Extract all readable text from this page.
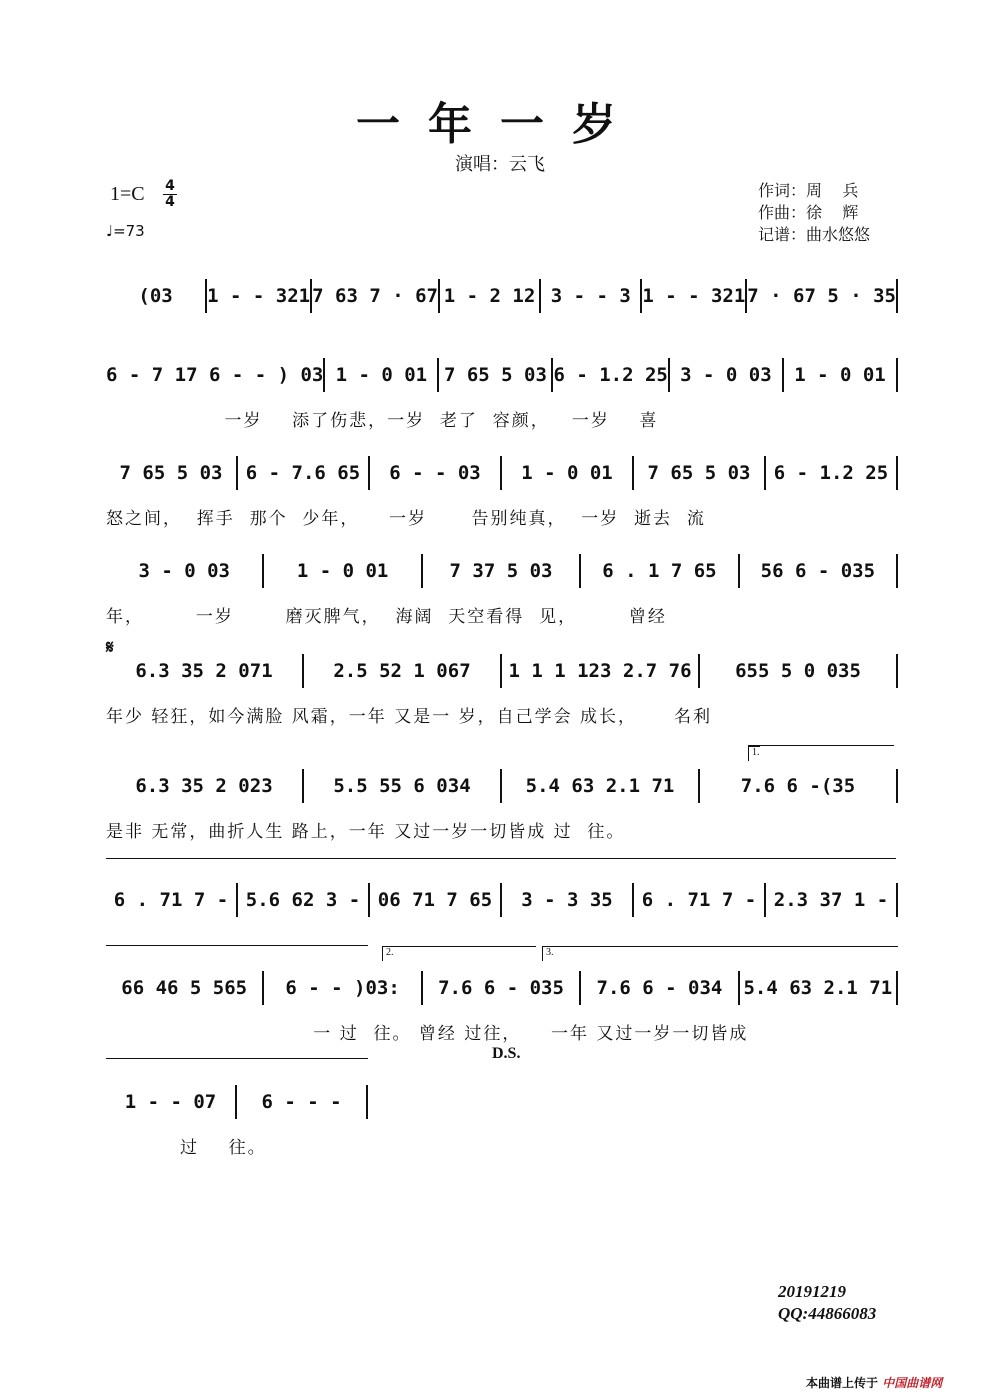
一年一岁
演唱：云飞
1=C 4
4
♩=73
作词：周    兵
作曲：徐    辉
记谱：曲水悠悠
𝄋
(03	1 - - 321 7 63 7 · 67 1 - 2 12 3 - - 3 1 - - 321 7 · 67 5 · 35
6 - 7 17 6 - - ) 03 1 - 0 01 7 65 5 03 6 - 1.2 25 3 - 0 03	1 - 0 01
一岁    添了伤悲，一岁  老了  容颜，   一岁    喜
7 65 5 03	6 - 7.6 65	6 - - 03	1 - 0 01	7 65 5 03	6 - 1.2 25
怒之间，  挥手  那个  少年，    一岁      告别纯真，  一岁  逝去  流
3 - 0 03	1 - 0 01	7 37 5 03	6 . 1 7 65	56 6 - 035
年，       一岁       磨灭脾气，  海阔  天空看得  见，       曾经
6.3 35 2 071	2.5 52 1 067	1 1 1 123 2.7 76	655 5 0 035
年少 轻狂，如今满脸 风霜，一年 又是一 岁，自己学会 成长，     名利
6.3 35 2 023	5.5 55 6 034	5.4 63 2.1 71	7.6 6 -(35
是非 无常，曲折人生 路上，一年 又过一岁一切皆成 过  往。
6 . 71 7 - 5.6 62 3 - 06 71 7 65	3 - 3 35	6 . 71 7 - 2.3 37 1 -
66 46 5 565	6 - - )03:	7.6 6 - 035	7.6 6 - 034	5.4 63 2.1 71
一 过  往。 曾经 过往，    一年 又过一岁一切皆成
1 - - 07	6 - - -
过    往。
1.
2.	3.
D.S.
20191219
QQ:44866083
本曲谱上传于 中国曲谱网
